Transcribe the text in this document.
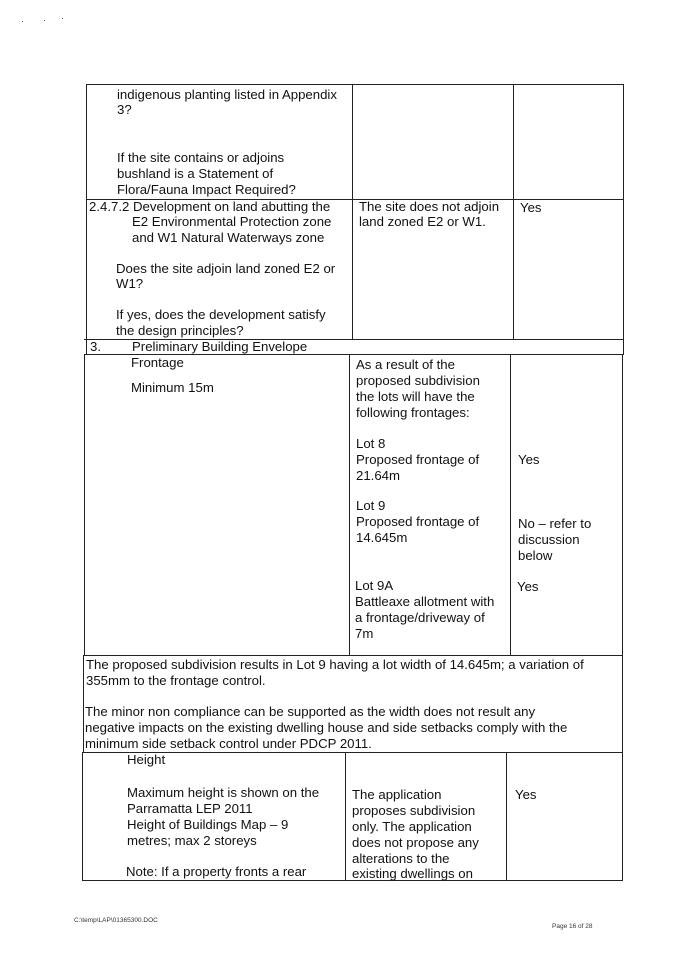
indigenous planting listed in Appendix
3?
If the site contains or adjoins
bushland is a Statement of
Flora/Fauna Impact Required?
2.4.7.2 Development on land abutting the
E2 Environmental Protection zone
and W1 Natural Waterways zone
Does the site adjoin land zoned E2 or
W1?
If yes, does the development satisfy
the design principles?
The site does not adjoin
land zoned E2 or W1.
Yes
3. Preliminary Building Envelope
Frontage
Minimum 15m
As a result of the
proposed subdivision
the lots will have the
following frontages:
Lot 8
Proposed frontage of
21.64m
Yes
Lot 9
Proposed frontage of
14.645m
No – refer to
discussion
below
Lot 9A
Battleaxe allotment with
a frontage/driveway of
7m
Yes
The proposed subdivision results in Lot 9 having a lot width of 14.645m; a variation of
355mm to the frontage control.
The minor non compliance can be supported as the width does not result any
negative impacts on the existing dwelling house and side setbacks comply with the
minimum side setback control under PDCP 2011.
Height
Maximum height is shown on the
Parramatta LEP 2011
Height of Buildings Map – 9
metres; max 2 storeys
Note: If a property fronts a rear
The application
proposes subdivision
only. The application
does not propose any
alterations to the
existing dwellings on
Yes
C:\temp\LAP\01365300.DOC
Page 16 of 28
